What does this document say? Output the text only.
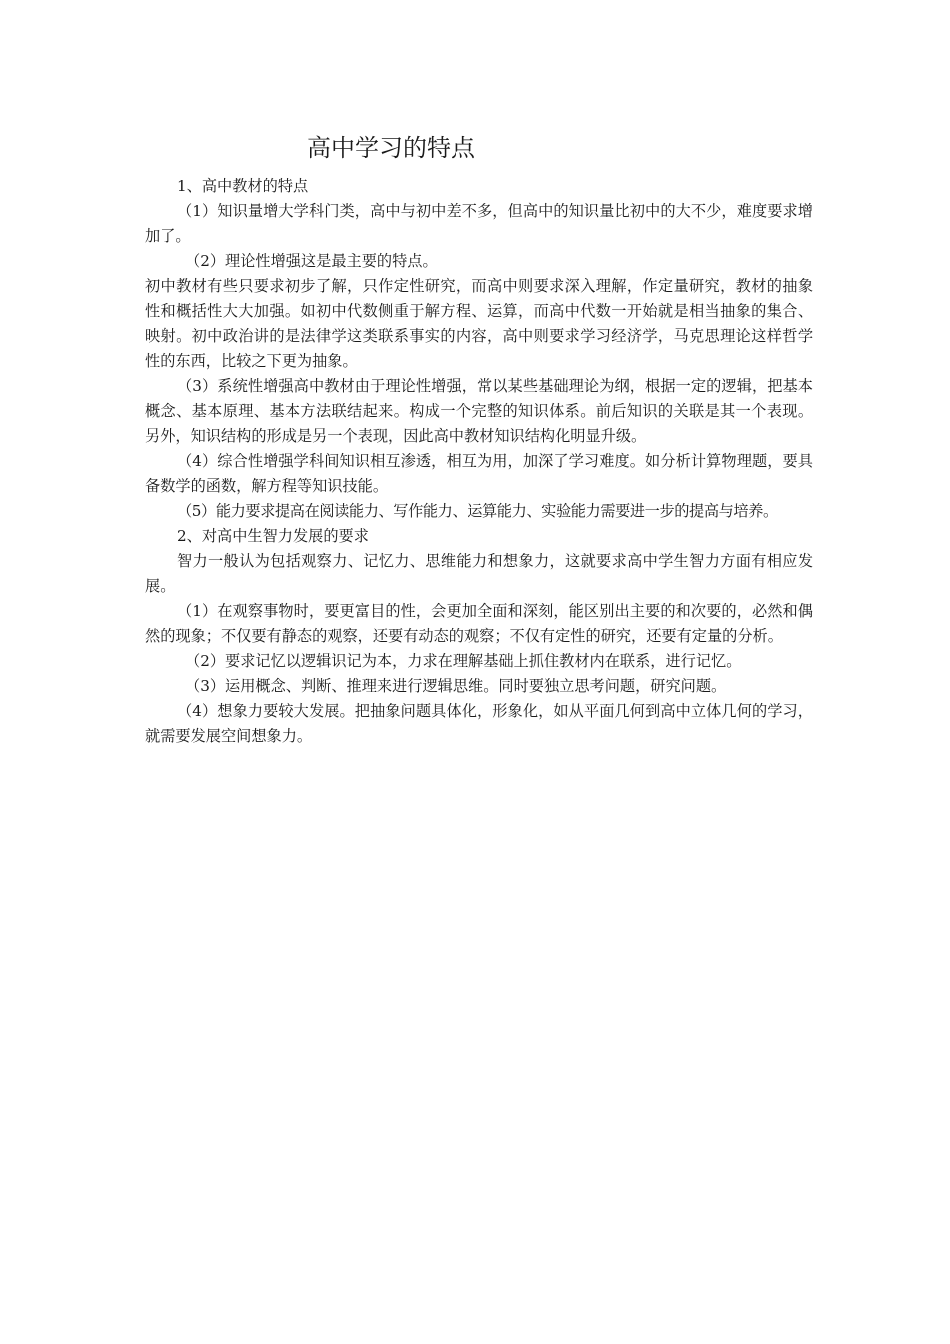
高中学习的特点

1、高中教材的特点

（1）知识量增大学科门类，高中与初中差不多，但高中的知识量比初中的大不少，难度要求增加了。

（2）理论性增强这是最主要的特点。

初中教材有些只要求初步了解，只作定性研究，而高中则要求深入理解，作定量研究，教材的抽象性和概括性大大加强。如初中代数侧重于解方程、运算，而高中代数一开始就是相当抽象的集合、映射。初中政治讲的是法律学这类联系事实的内容，高中则要求学习经济学，马克思理论这样哲学性的东西，比较之下更为抽象。

（3）系统性增强高中教材由于理论性增强，常以某些基础理论为纲，根据一定的逻辑，把基本概念、基本原理、基本方法联结起来。构成一个完整的知识体系。前后知识的关联是其一个表现。另外，知识结构的形成是另一个表现，因此高中教材知识结构化明显升级。

（4）综合性增强学科间知识相互渗透，相互为用，加深了学习难度。如分析计算物理题，要具备数学的函数，解方程等知识技能。

（5）能力要求提高在阅读能力、写作能力、运算能力、实验能力需要进一步的提高与培养。

2、对高中生智力发展的要求

智力一般认为包括观察力、记忆力、思维能力和想象力，这就要求高中学生智力方面有相应发展。

（1）在观察事物时，要更富目的性，会更加全面和深刻，能区别出主要的和次要的，必然和偶然的现象；不仅要有静态的观察，还要有动态的观察；不仅有定性的研究，还要有定量的分析。

（2）要求记忆以逻辑识记为本，力求在理解基础上抓住教材内在联系，进行记忆。

（3）运用概念、判断、推理来进行逻辑思维。同时要独立思考问题，研究问题。

（4）想象力要较大发展。把抽象问题具体化，形象化，如从平面几何到高中立体几何的学习，就需要发展空间想象力。
